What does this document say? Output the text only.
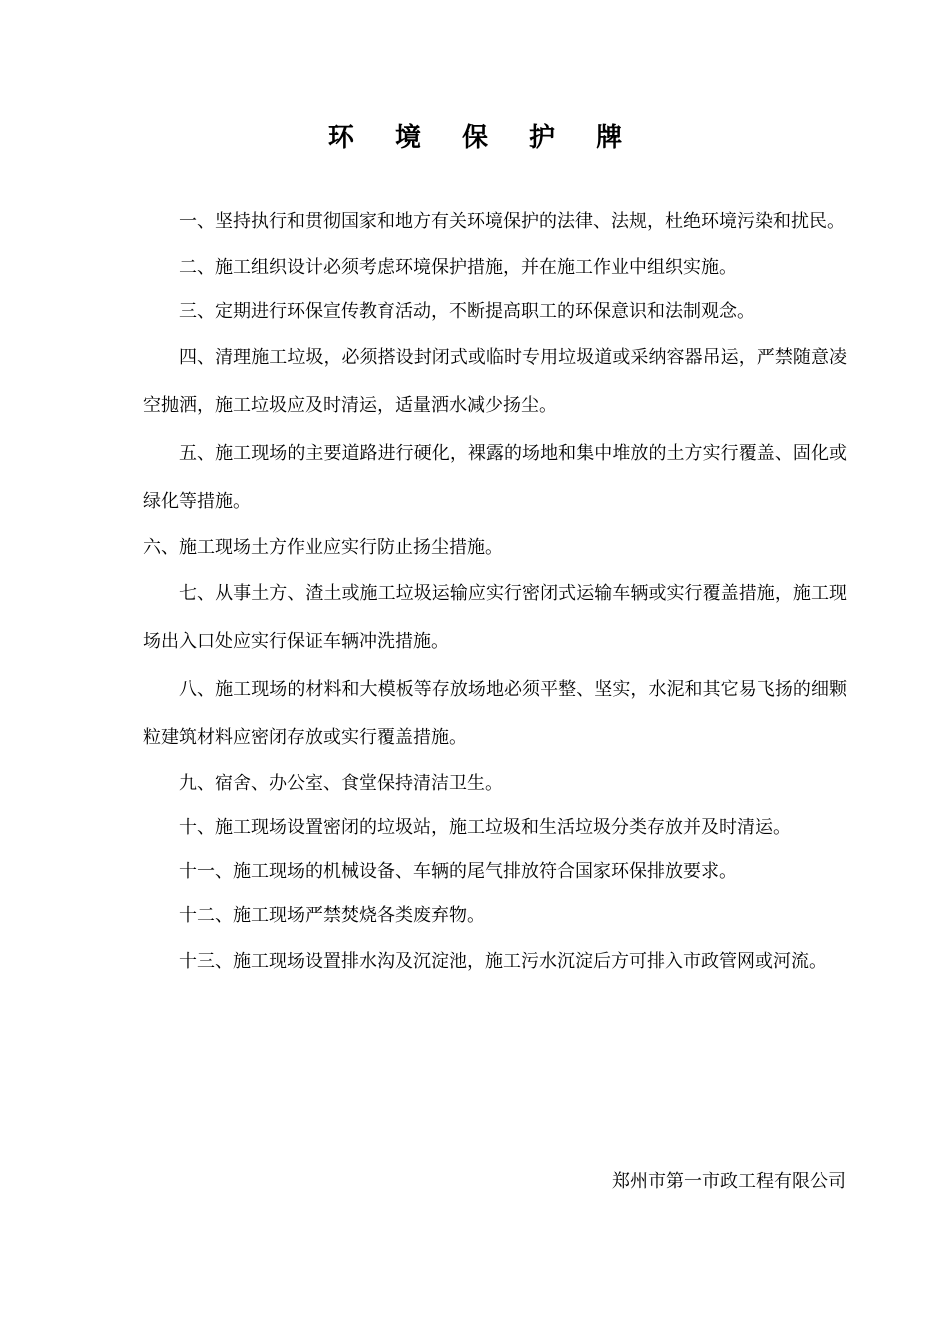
环 境 保 护 牌

一、坚持执行和贯彻国家和地方有关环境保护的法律、法规，杜绝环境污染和扰民。

二、施工组织设计必须考虑环境保护措施，并在施工作业中组织实施。

三、定期进行环保宣传教育活动，不断提高职工的环保意识和法制观念。

四、清理施工垃圾，必须搭设封闭式或临时专用垃圾道或采纳容器吊运，严禁随意凌空抛洒，施工垃圾应及时清运，适量洒水减少扬尘。

五、施工现场的主要道路进行硬化，裸露的场地和集中堆放的土方实行覆盖、固化或绿化等措施。

六、施工现场土方作业应实行防止扬尘措施。

七、从事土方、渣土或施工垃圾运输应实行密闭式运输车辆或实行覆盖措施，施工现场出入口处应实行保证车辆冲洗措施。

八、施工现场的材料和大模板等存放场地必须平整、坚实，水泥和其它易飞扬的细颗粒建筑材料应密闭存放或实行覆盖措施。

九、宿舍、办公室、食堂保持清洁卫生。

十、施工现场设置密闭的垃圾站，施工垃圾和生活垃圾分类存放并及时清运。

十一、施工现场的机械设备、车辆的尾气排放符合国家环保排放要求。

十二、施工现场严禁焚烧各类废弃物。

十三、施工现场设置排水沟及沉淀池，施工污水沉淀后方可排入市政管网或河流。

郑州市第一市政工程有限公司
